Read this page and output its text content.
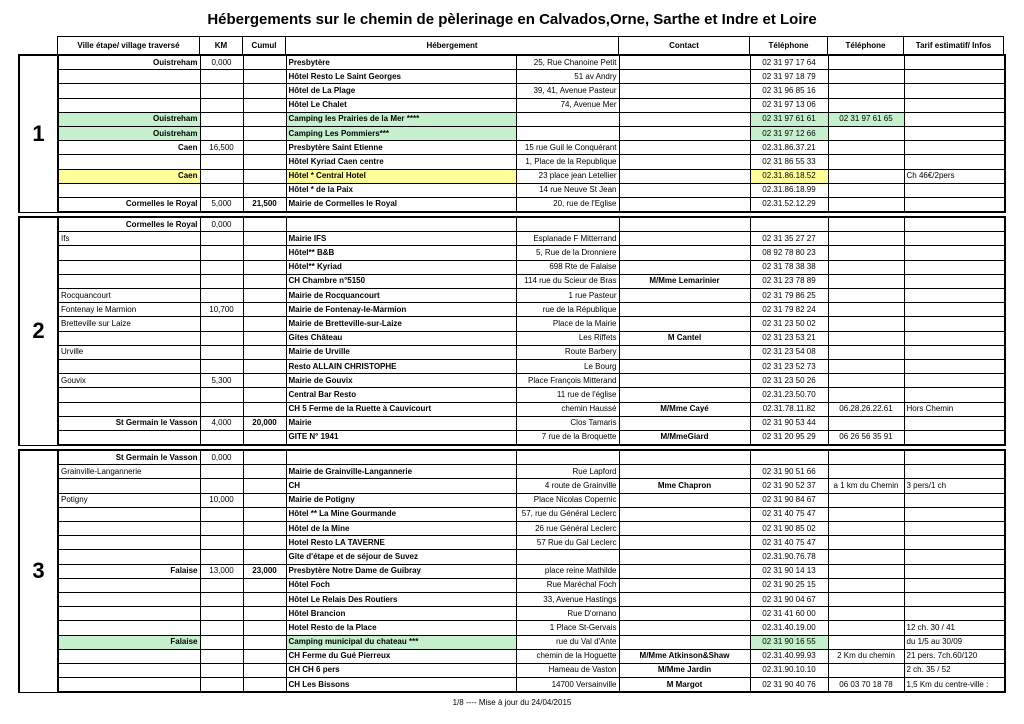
Hébergements sur le chemin de pèlerinage en Calvados,Orne, Sarthe et Indre et Loire
Ville étape/ village traversé	KM	Cumul	Hébergement	Contact	Téléphone	Téléphone	Tarif estimatif/ Infos
1	Ouistreham	0,000		Presbytère	25, Rue Chanoine Petit		02 31 97 17 64		
				Hôtel Resto Le Saint Georges	51 av Andry		02 31 97 18 79		
				Hôtel de La Plage	39, 41, Avenue Pasteur		02 31 96 85 16		
				Hôtel Le Chalet	74, Avenue Mer		02 31 97 13 06		
	Ouistreham			Camping les Prairies de la Mer ****			02 31 97 61 61	02 31 97 61 65	
	Ouistreham			Camping Les Pommiers***			02 31 97 12 66		
	Caen	16,500		Presbytère Saint Etienne	15 rue Guil le Conquérant		02.31.86.37.21		
				Hôtel Kyriad Caen centre	1, Place de la Republique		02 31 86 55 33		
	Caen			Hôtel * Central Hotel	23 place jean Letellier		02.31.86.18.52		Ch 46€/2pers
				Hôtel * de la Paix	14 rue Neuve St Jean		02.31.86.18.99		
	Cormelles le Royal	5,000	21,500	Mairie de Cormelles le Royal	20, rue de l'Eglise		02.31.52.12.29		

2	Cormelles le Royal	0,000							
	Ifs			Mairie IFS	Esplanade F Mitterrand		02 31 35 27 27		
				Hôtel** B&B	5, Rue de la Dronniere		08 92 78 80 23		
				Hôtel** Kyriad	698 Rte de Falaise		02 31 78 38 38		
				CH Chambre n°5150	114 rue du Scieur de Bras	M/Mme Lemarinier	02 31 23 78 89		
	Rocquancourt			Mairie de Rocquancourt	1 rue Pasteur		02 31 79 86 25		
	Fontenay le Marmion	10,700		Mairie de Fontenay-le-Marmion	rue de la République		02 31 79 82 24		
	Bretteville sur Laize			Mairie de Bretteville-sur-Laize	Place de la Mairie		02 31 23 50 02		
				Gites Château	Les Riffets	M Cantel	02 31 23 53 21		
	Urville			Mairie de Urville	Route Barbery		02 31 23 54 08		
				Resto ALLAIN CHRISTOPHE	Le Bourg		02 31 23 52 73		
	Gouvix	5,300		Mairie de Gouvix	Place François Mitterand		02 31 23 50 26		
				Central Bar Resto	11 rue de l'église		02.31.23.50.70		
				CH 5 Ferme de la Ruette à Cauvicourt	chemin Haussé	M/Mme Cayé	02.31.78.11.82	06.28.26.22.61	Hors Chemin
	St Germain le Vasson	4,000	20,000	Mairie	Clos Tamaris		02 31 90 53 44		
				GITE N° 1941	7 rue de la Broquette	M/MmeGiard	02 31 20 95 29	06 26 56 35 91	

3	St Germain le Vasson	0,000							
	Grainville-Langannerie			Mairie de Grainville-Langannerie	Rue Lapford		02 31 90 51 66		
				CH	4 route de Grainville	Mme Chapron	02 31 90 52 37	a 1 km du Chemin	3 pers/1 ch
	Potigny	10,000		Mairie de Potigny	Place Nicolas Copernic		02 31 90 84 67		
				Hôtel ** La Mine Gourmande	57, rue du Général Leclerc		02 31 40 75 47		
				Hôtel de la Mine	26 rue Général Leclerc		02 31 90 85 02		
				Hotel Resto LA TAVERNE	57 Rue du Gal Leclerc		02 31 40 75 47		
				Gîte d'étape et de séjour de Suvez			02.31.90.76.78		
	Falaise	13,000	23,000	Presbytère Notre Dame de Guibray	place reine Mathilde		02 31 90 14 13		
				Hôtel Foch	Rue Maréchal Foch		02 31 90 25 15		
				Hôtel Le Relais Des Routiers	33, Avenue Hastings		02 31 90 04 67		
				Hôtel Brancion	Rue D'ornano		02 31 41 60 00		
				Hotel Resto de la Place	1 Place St-Gervais		02.31.40.19.00		12 ch. 30 / 41
	Falaise			Camping municipal du chateau ***	rue du Val d'Ante		02 31 90 16 55		du 1/5 au 30/09
				CH Ferme du Gué Pierreux	chemin de la Hoguette	M/Mme Atkinson&Shaw	02.31.40.99.93	2 Km du chemin	21 pers. 7ch.60/120
				CH CH 6 pers	Hameau de Vaston	M/Mme Jardin	02.31.90.10.10		2 ch. 35 / 52
				CH Les Bissons	14700 Versainville	M Margot	02 31 90 40 76	06 03 70 18 78	1,5 Km du centre-ville :
1/8 ---- Mise à jour du 24/04/2015
